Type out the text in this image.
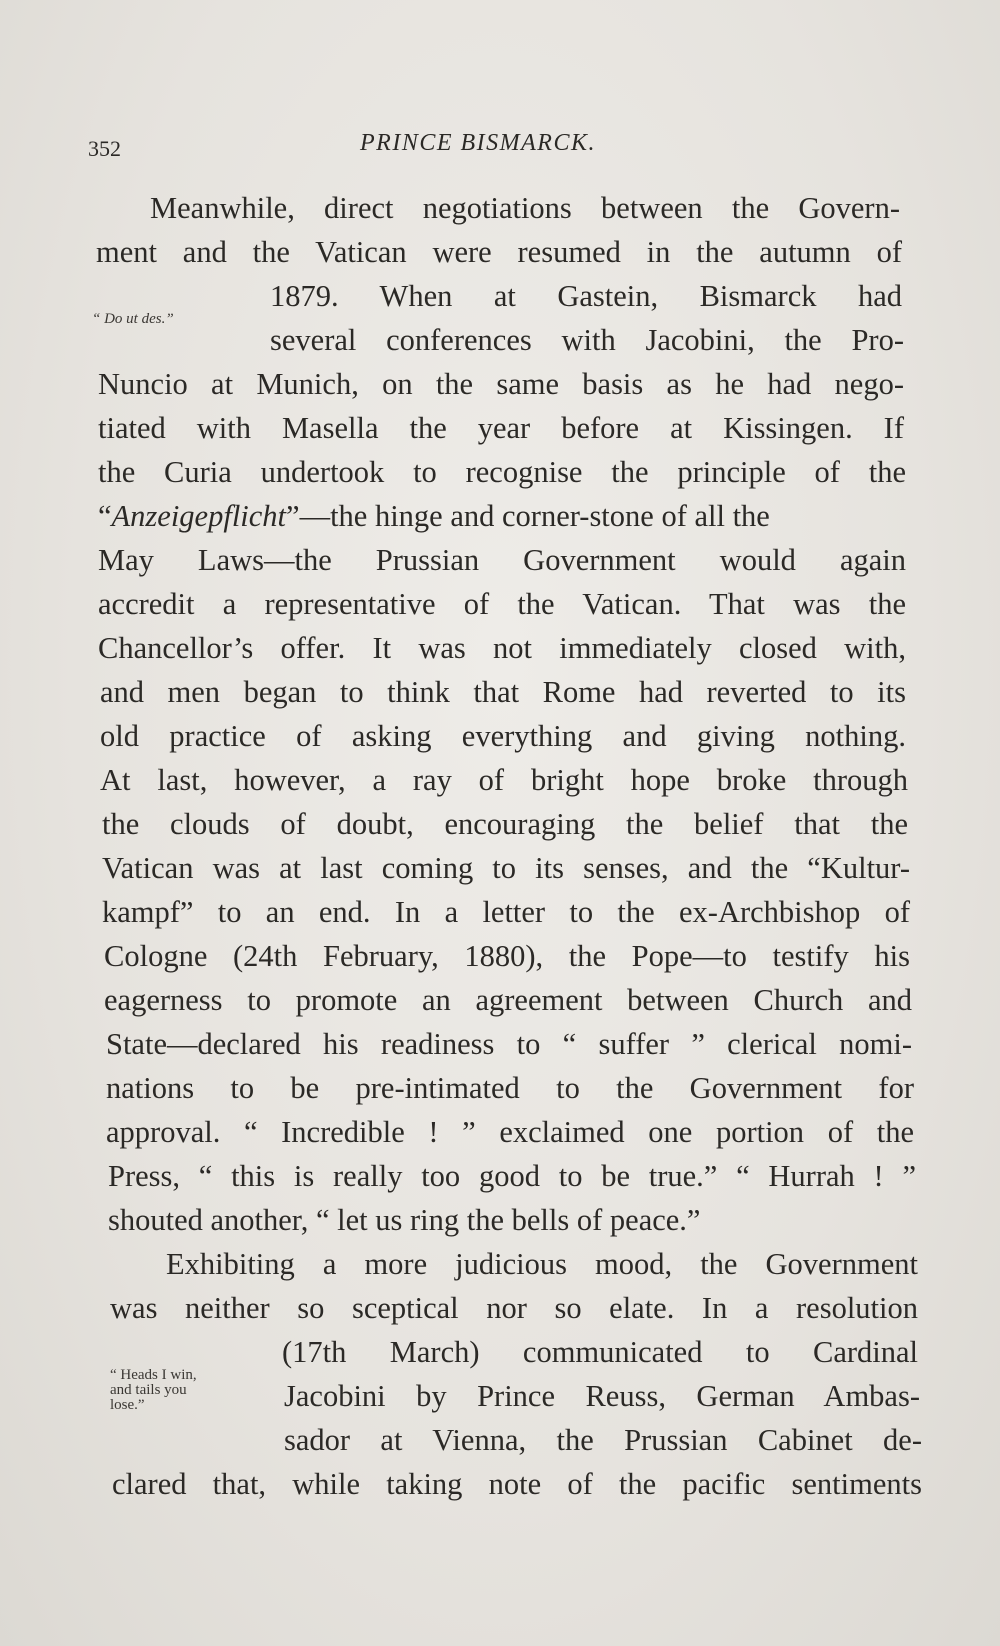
352	PRINCE BISMARCK.
“ Do ut des.”
“ Heads I win,
and tails you
lose.”
Meanwhile, direct negotiations between the Govern-
ment and the Vatican were resumed in the autumn of
1879. When at Gastein, Bismarck had
several conferences with Jacobini, the Pro-
Nuncio at Munich, on the same basis as he had nego-
tiated with Masella the year before at Kissingen. If
the Curia undertook to recognise the principle of the
“Anzeigepflicht”—the hinge and corner-stone of all the
May Laws—the Prussian Government would again
accredit a representative of the Vatican. That was the
Chancellor’s offer. It was not immediately closed with,
and men began to think that Rome had reverted to its
old practice of asking everything and giving nothing.
At last, however, a ray of bright hope broke through
the clouds of doubt, encouraging the belief that the
Vatican was at last coming to its senses, and the “Kultur-
kampf” to an end. In a letter to the ex-Archbishop of
Cologne (24th February, 1880), the Pope—to testify his
eagerness to promote an agreement between Church and
State—declared his readiness to “ suffer ” clerical nomi-
nations to be pre-intimated to the Government for
approval. “ Incredible ! ” exclaimed one portion of the
Press, “ this is really too good to be true.” “ Hurrah ! ”
shouted another, “ let us ring the bells of peace.”
Exhibiting a more judicious mood, the Government
was neither so sceptical nor so elate. In a resolution
(17th March) communicated to Cardinal
Jacobini by Prince Reuss, German Ambas-
sador at Vienna, the Prussian Cabinet de-
clared that, while taking note of the pacific sentiments
